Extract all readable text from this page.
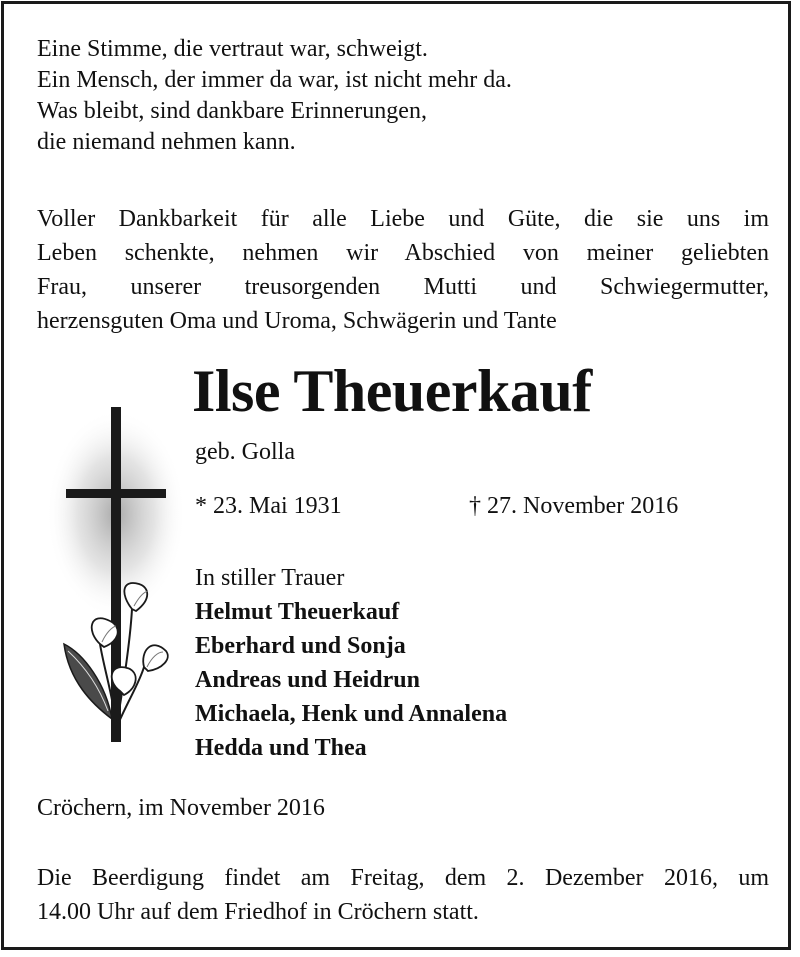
Eine Stimme, die vertraut war, schweigt.
Ein Mensch, der immer da war, ist nicht mehr da.
Was bleibt, sind dankbare Erinnerungen,
die niemand nehmen kann.
Voller Dankbarkeit für alle Liebe und Güte, die sie uns im
Leben schenkte, nehmen wir Abschied von meiner geliebten
Frau, unserer treusorgenden Mutti und Schwiegermutter,
herzensguten Oma und Uroma, Schwägerin und Tante
Ilse Theuerkauf
geb. Golla
* 23. Mai 1931	† 27. November 2016
In stiller Trauer
Helmut Theuerkauf
Eberhard und Sonja
Andreas und Heidrun
Michaela, Henk und Annalena
Hedda und Thea
Cröchern, im November 2016
Die Beerdigung findet am Freitag, dem 2. Dezember 2016, um
14.00 Uhr auf dem Friedhof in Cröchern statt.
